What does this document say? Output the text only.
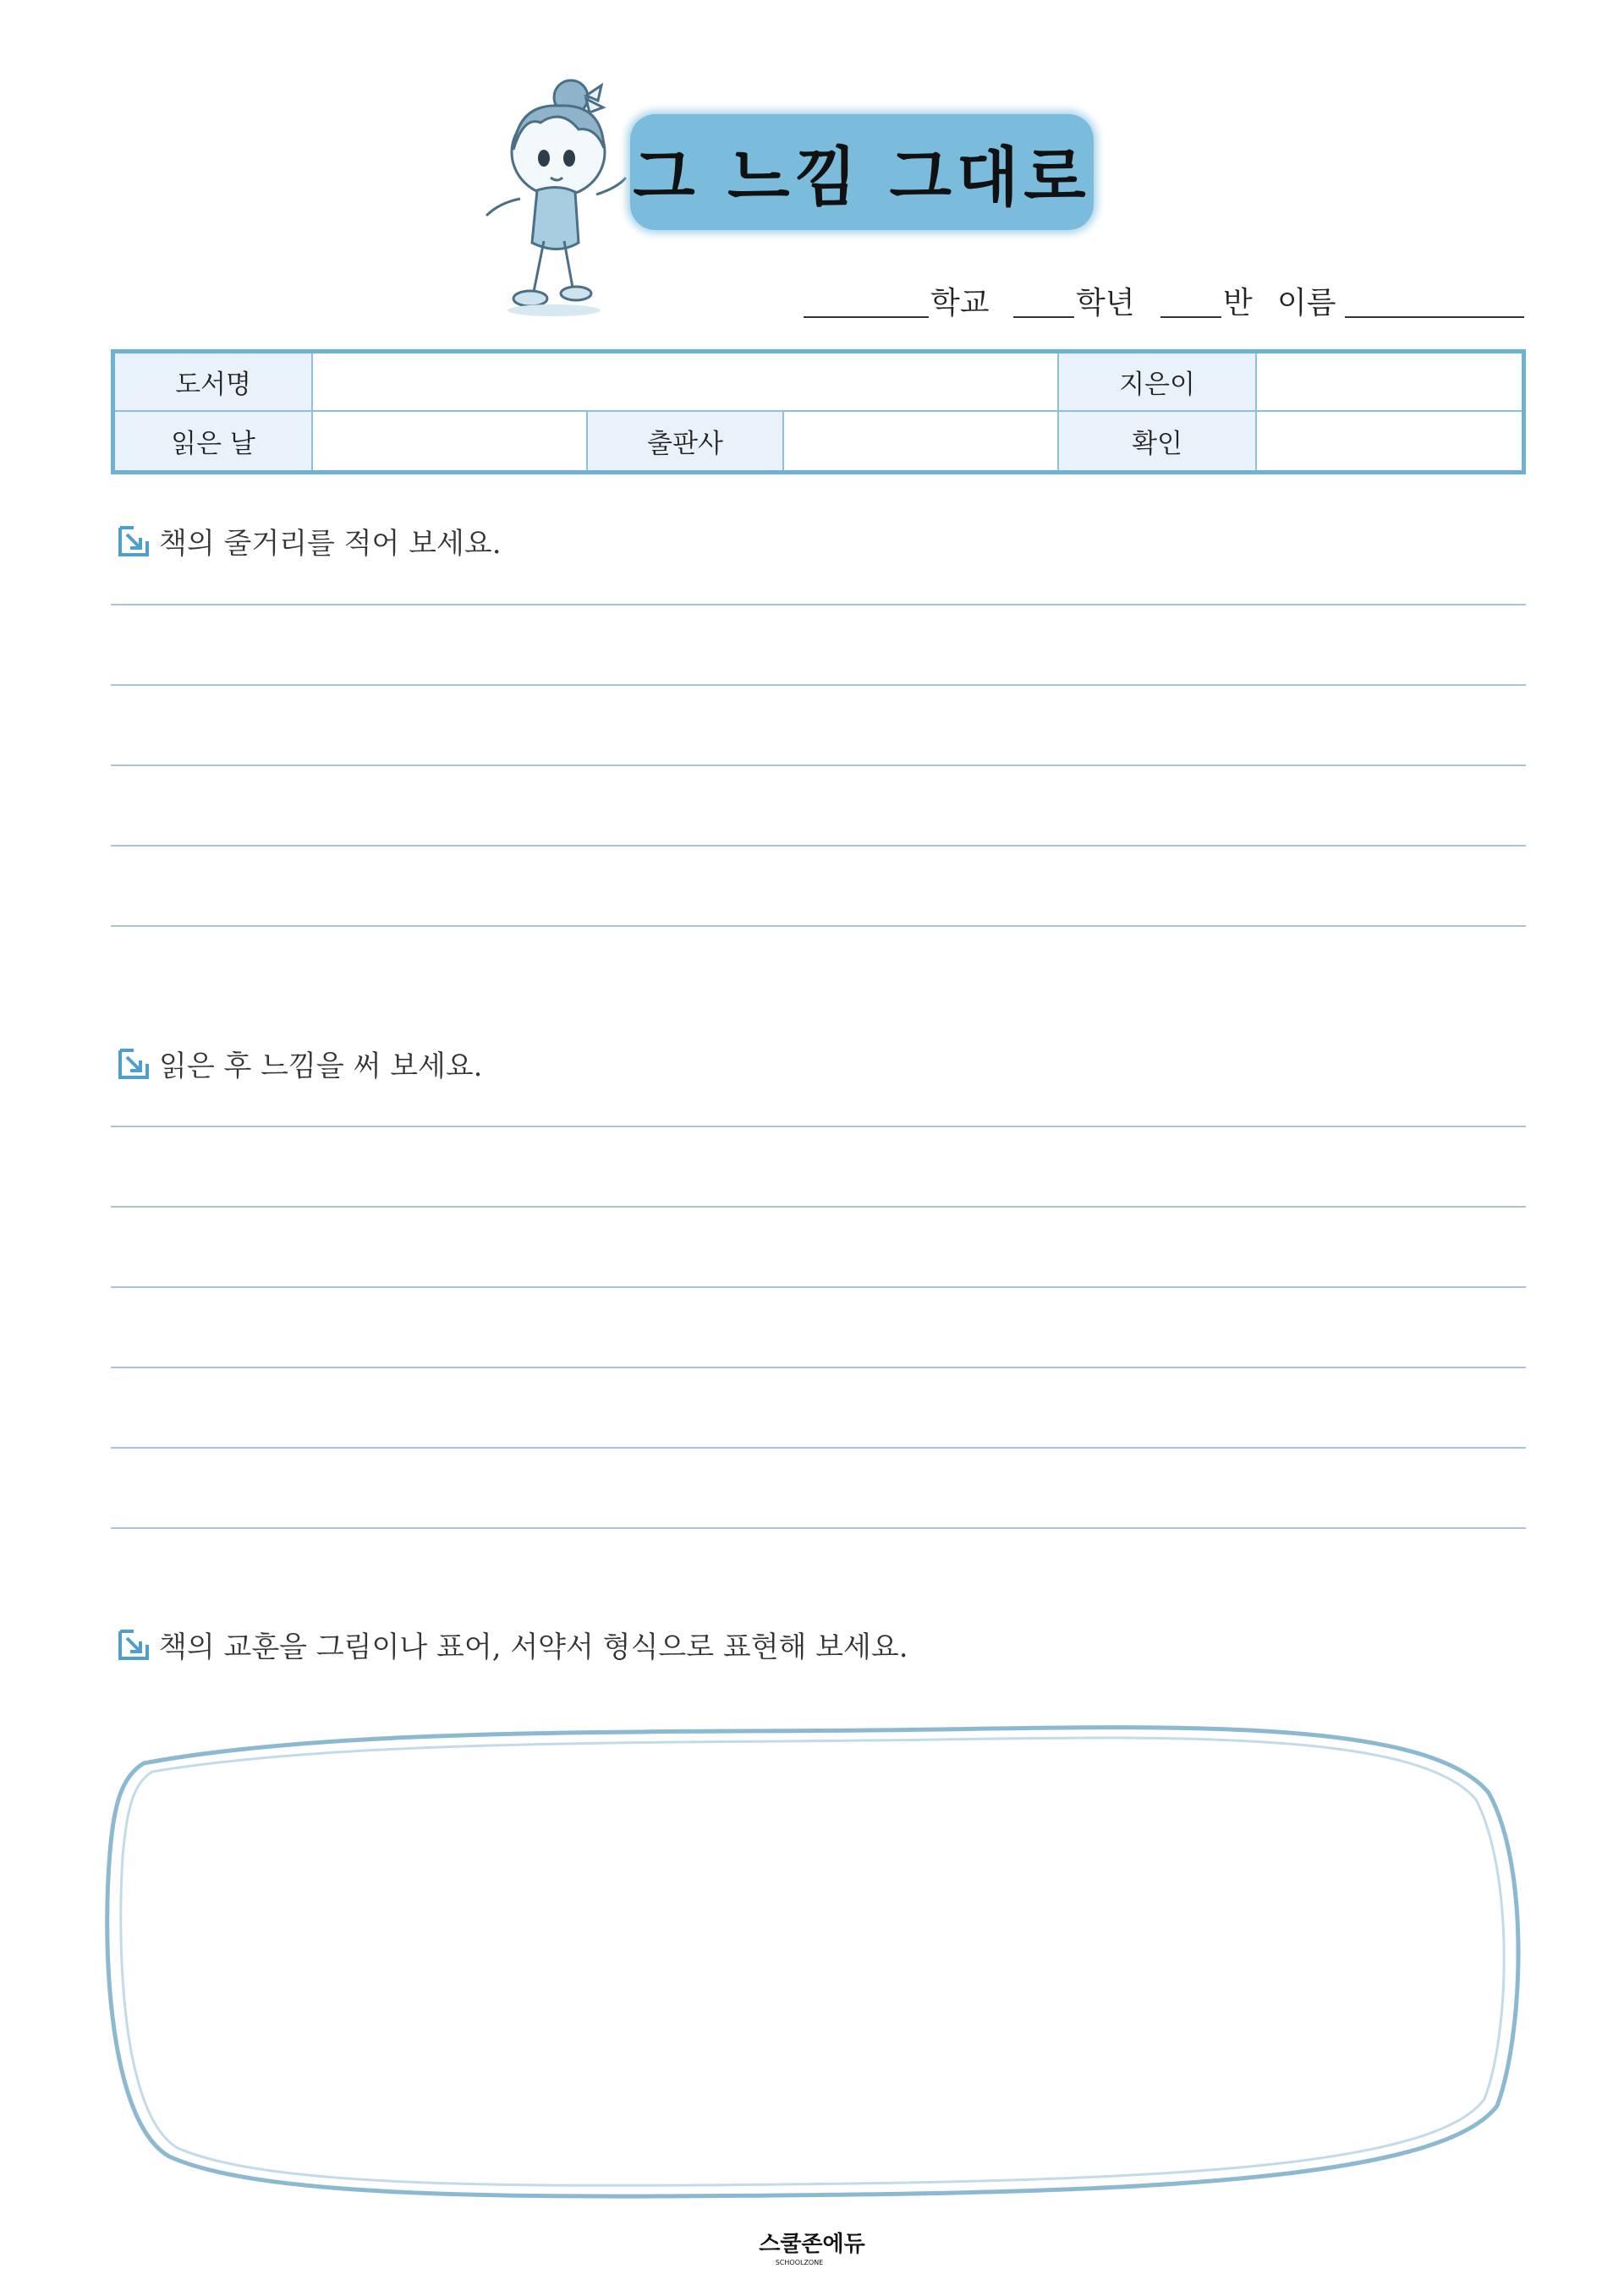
그 느낌 그대로
학교	학년	반 이름
도서명	지은이
읽은 날	출판사	확인
책의 줄거리를 적어 보세요.
읽은 후 느낌을 써 보세요.
책의 교훈을 그림이나 표어, 서약서 형식으로 표현해 보세요.
스쿨존에듀
SCHOOLZONE
